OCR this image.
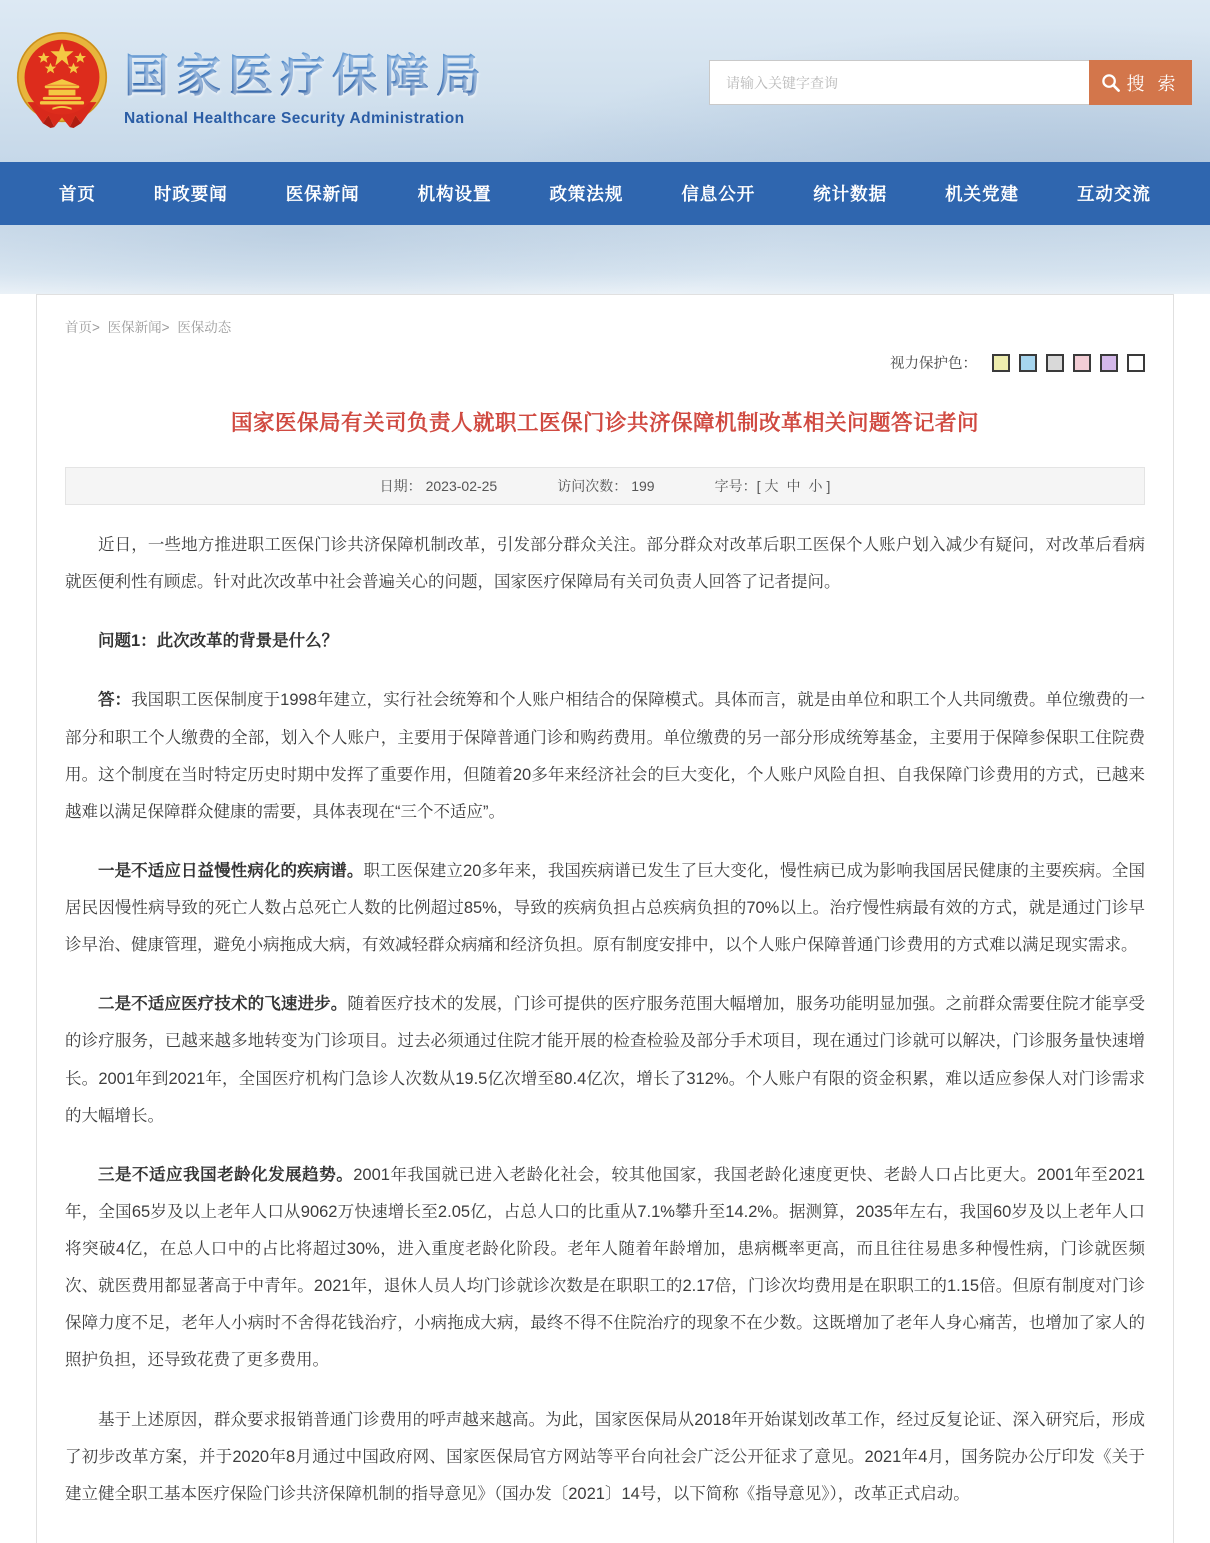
国家医疗保障局
National Healthcare Security Administration
请输入关键字查询
搜 索
首页	时政要闻	医保新闻	机构设置	政策法规	信息公开	统计数据	机关党建	互动交流
首页> 医保新闻> 医保动态
视力保护色：
国家医保局有关司负责人就职工医保门诊共济保障机制改革相关问题答记者问
日期： 2023-02-25	访问次数： 199	字号：[ 大 中 小 ]

近日，一些地方推进职工医保门诊共济保障机制改革，引发部分群众关注。部分群众对改革后职工医保个人账户划入减少有疑问，对改革后看病就医便利性有顾虑。针对此次改革中社会普遍关心的问题，国家医疗保障局有关司负责人回答了记者提问。

问题1：此次改革的背景是什么？

答：我国职工医保制度于1998年建立，实行社会统筹和个人账户相结合的保障模式。具体而言，就是由单位和职工个人共同缴费。单位缴费的一部分和职工个人缴费的全部，划入个人账户，主要用于保障普通门诊和购药费用。单位缴费的另一部分形成统筹基金，主要用于保障参保职工住院费用。这个制度在当时特定历史时期中发挥了重要作用，但随着20多年来经济社会的巨大变化，个人账户风险自担、自我保障门诊费用的方式，已越来越难以满足保障群众健康的需要，具体表现在“三个不适应”。

一是不适应日益慢性病化的疾病谱。职工医保建立20多年来，我国疾病谱已发生了巨大变化，慢性病已成为影响我国居民健康的主要疾病。全国居民因慢性病导致的死亡人数占总死亡人数的比例超过85%，导致的疾病负担占总疾病负担的70%以上。治疗慢性病最有效的方式，就是通过门诊早诊早治、健康管理，避免小病拖成大病，有效减轻群众病痛和经济负担。原有制度安排中，以个人账户保障普通门诊费用的方式难以满足现实需求。

二是不适应医疗技术的飞速进步。随着医疗技术的发展，门诊可提供的医疗服务范围大幅增加，服务功能明显加强。之前群众需要住院才能享受的诊疗服务，已越来越多地转变为门诊项目。过去必须通过住院才能开展的检查检验及部分手术项目，现在通过门诊就可以解决，门诊服务量快速增长。2001年到2021年，全国医疗机构门急诊人次数从19.5亿次增至80.4亿次，增长了312%。个人账户有限的资金积累，难以适应参保人对门诊需求的大幅增长。

三是不适应我国老龄化发展趋势。2001年我国就已进入老龄化社会，较其他国家，我国老龄化速度更快、老龄人口占比更大。2001年至2021年，全国65岁及以上老年人口从9062万快速增长至2.05亿，占总人口的比重从7.1%攀升至14.2%。据测算，2035年左右，我国60岁及以上老年人口将突破4亿，在总人口中的占比将超过30%，进入重度老龄化阶段。老年人随着年龄增加，患病概率更高，而且往往易患多种慢性病，门诊就医频次、就医费用都显著高于中青年。2021年，退休人员人均门诊就诊次数是在职职工的2.17倍，门诊次均费用是在职职工的1.15倍。但原有制度对门诊保障力度不足，老年人小病时不舍得花钱治疗，小病拖成大病，最终不得不住院治疗的现象不在少数。这既增加了老年人身心痛苦，也增加了家人的照护负担，还导致花费了更多费用。

基于上述原因，群众要求报销普通门诊费用的呼声越来越高。为此，国家医保局从2018年开始谋划改革工作，经过反复论证、深入研究后，形成了初步改革方案，并于2020年8月通过中国政府网、国家医保局官方网站等平台向社会广泛公开征求了意见。2021年4月，国务院办公厅印发《关于建立健全职工基本医疗保险门诊共济保障机制的指导意见》（国办发〔2021〕14号，以下简称《指导意见》），改革正式启动。
